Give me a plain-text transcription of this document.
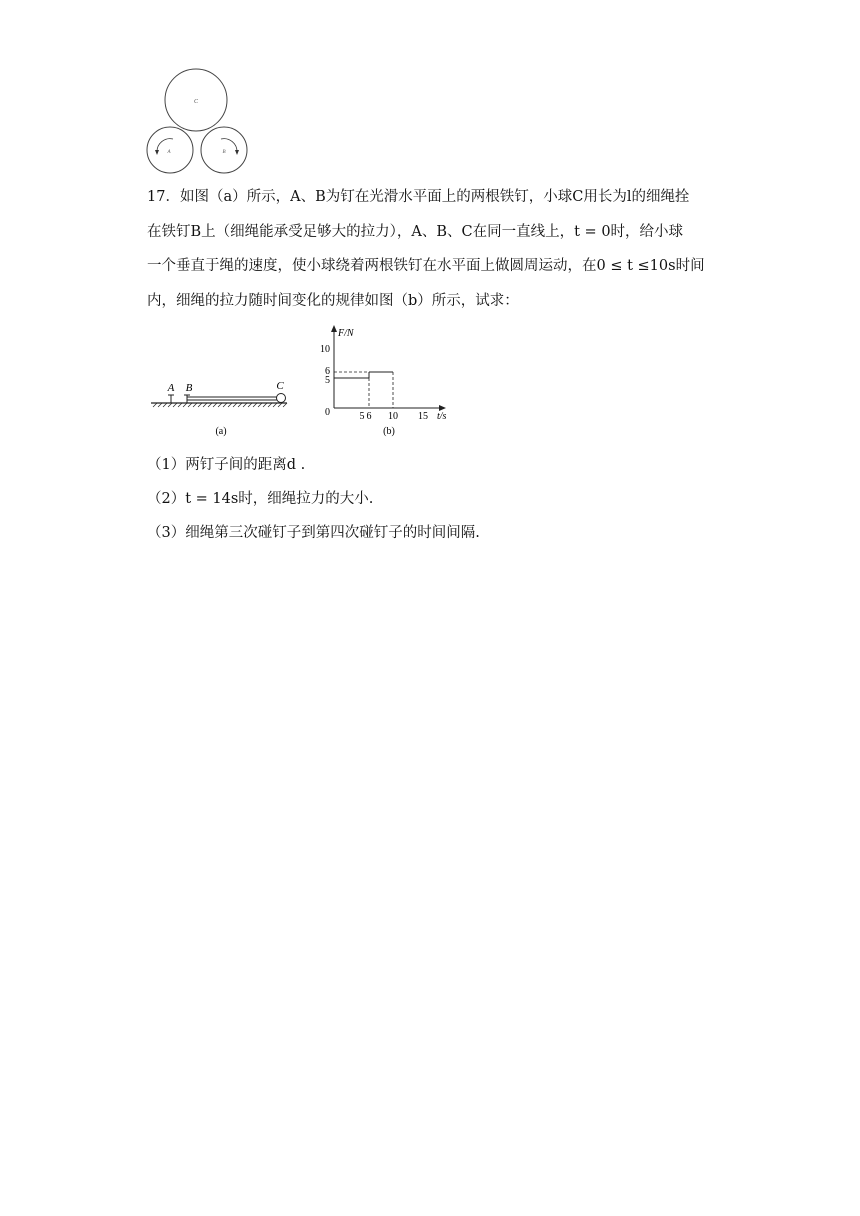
C
A	B

17．如图（a）所示，A、B为钉在光滑水平面上的两根铁钉，小球C用长为l的细绳拴

在铁钉B上（细绳能承受足够大的拉力），A、B、C在同一直线上，t = 0时，给小球

一个垂直于绳的速度，使小球绕着两根铁钉在水平面上做圆周运动，在0 ≤ t ≤10s时间

内，细绳的拉力随时间变化的规律如图（b）所示，试求：

A B	C
(a)
F/N
t/s
10
6
5
0	5 6 10 15
(b)

（1）两钉子间的距离d .

（2）t = 14s时，细绳拉力的大小.

（3）细绳第三次碰钉子到第四次碰钉子的时间间隔.
